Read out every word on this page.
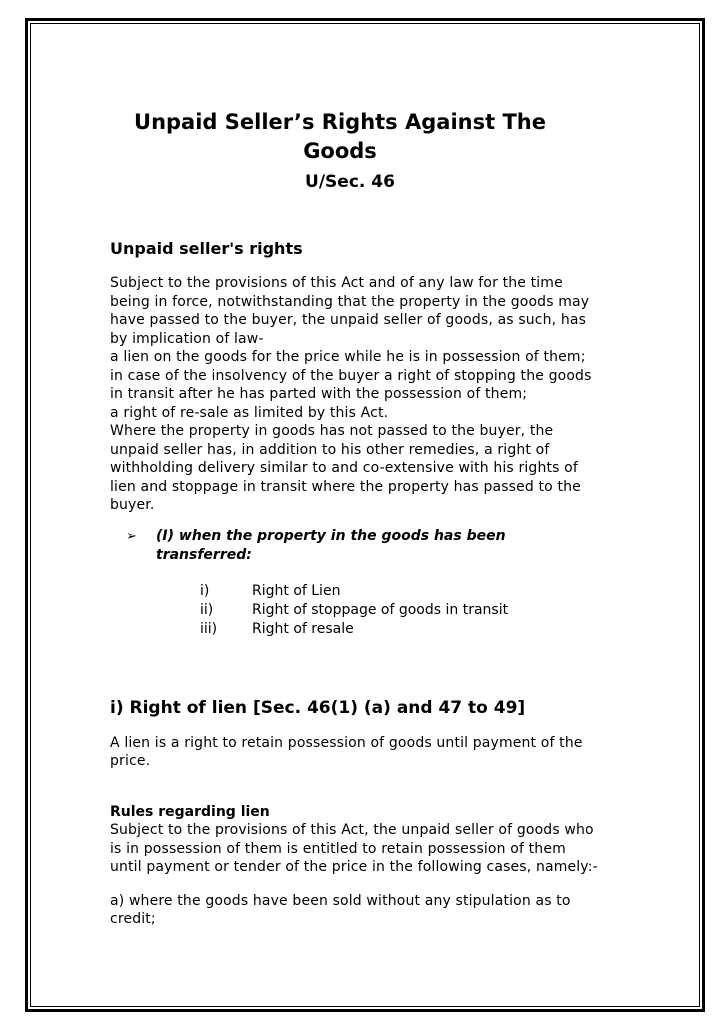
Unpaid Seller’s Rights Against The
Goods
U/Sec. 46
Unpaid seller's rights
Subject to the provisions of this Act and of any law for the time
being in force, notwithstanding that the property in the goods may
have passed to the buyer, the unpaid seller of goods, as such, has
by implication of law-
a lien on the goods for the price while he is in possession of them;
in case of the insolvency of the buyer a right of stopping the goods
in transit after he has parted with the possession of them;
a right of re-sale as limited by this Act.
Where the property in goods has not passed to the buyer, the
unpaid seller has, in addition to his other remedies, a right of
withholding delivery similar to and co-extensive with his rights of
lien and stoppage in transit where the property has passed to the
buyer.
➢ (I) when the property in the goods has been
transferred:
i)	Right of Lien
ii)	Right of stoppage of goods in transit
iii)	Right of resale
i) Right of lien [Sec. 46(1) (a) and 47 to 49]
A lien is a right to retain possession of goods until payment of the
price.
Rules regarding lien
Subject to the provisions of this Act, the unpaid seller of goods who
is in possession of them is entitled to retain possession of them
until payment or tender of the price in the following cases, namely:-
a) where the goods have been sold without any stipulation as to
credit;
